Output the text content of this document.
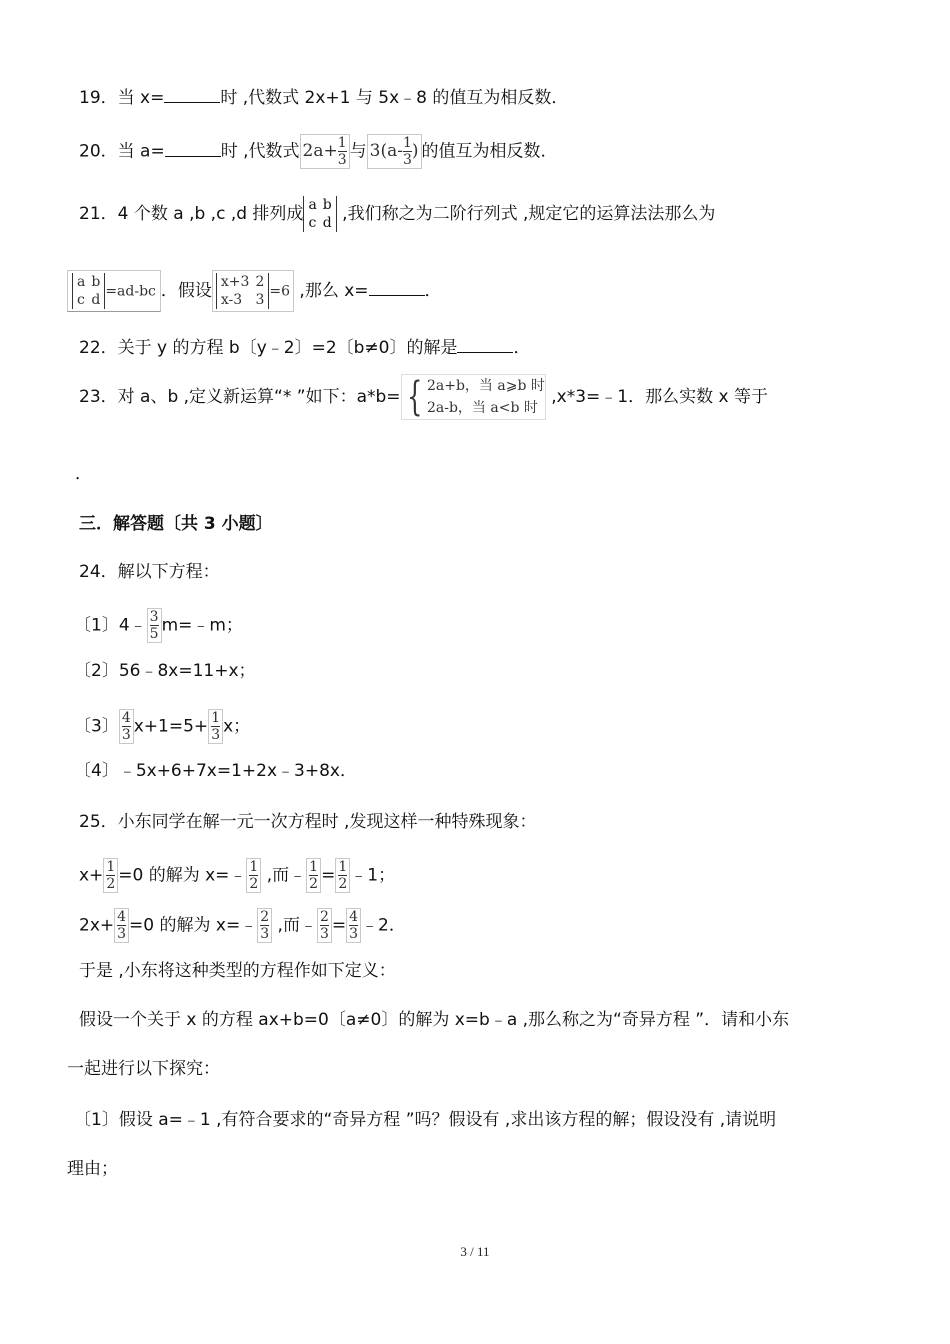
19．当 x=	时 ,代数式 2x+1 与 5x﹣8 的值互为相反数．
20．当 a=	时 ,代数式 $2a+ \frac{1}{3}$ 与 $3(a- \frac{1}{3}$ ) 的值互为相反数．
21．4 个数 a ,b ,c ,d 排列成 a b
c d ,我们称之为二阶行列式 ,规定它的运算法法那么为
a b
c d
=ad-bc ．假设 x+3 2
x-3 3
=6 ,那么 x=	．
22．关于 y 的方程 b〔y﹣2〕=2〔b≠0〕的解是	．
23．对 a、b ,定义新运算“* ”如下：a*b= { 2a+b，当 a⩾b 时
2a-b，当 a<b 时
,x*3=﹣1．那么实数 x 等于
．
三．解答题〔共 3 小题〕
24．解以下方程：
〔1〕4﹣ $\frac{3}{5}$ m=﹣m；
〔2〕56﹣8x=11+x；
〔3〕 $\frac{4}{3} x+1=5+ \frac{1}{3}$ x；
〔4〕﹣5x+6+7x=1+2x﹣3+8x．
25．小东同学在解一元一次方程时 ,发现这样一种特殊现象：
$x+ \frac{1}{2} =0$ 的解为 x=﹣ $\frac{1}{2}$ ,而﹣ $\frac{1}{2} = \frac{1}{2}$ ﹣1；
$2x+ \frac{4}{3} =0$ 的解为 x=﹣ $\frac{2}{3}$ ,而﹣ $\frac{2}{3} = \frac{4}{3}$ ﹣2．
于是 ,小东将这种类型的方程作如下定义：
假设一个关于 x 的方程 ax+b=0〔a≠0〕的解为 x=b﹣a ,那么称之为“奇异方程 ”．请和小东
一起进行以下探究：
〔1〕假设 a=﹣1 ,有符合要求的“奇异方程 ”吗？假设有 ,求出该方程的解；假设没有 ,请说明
理由；
3 / 11
